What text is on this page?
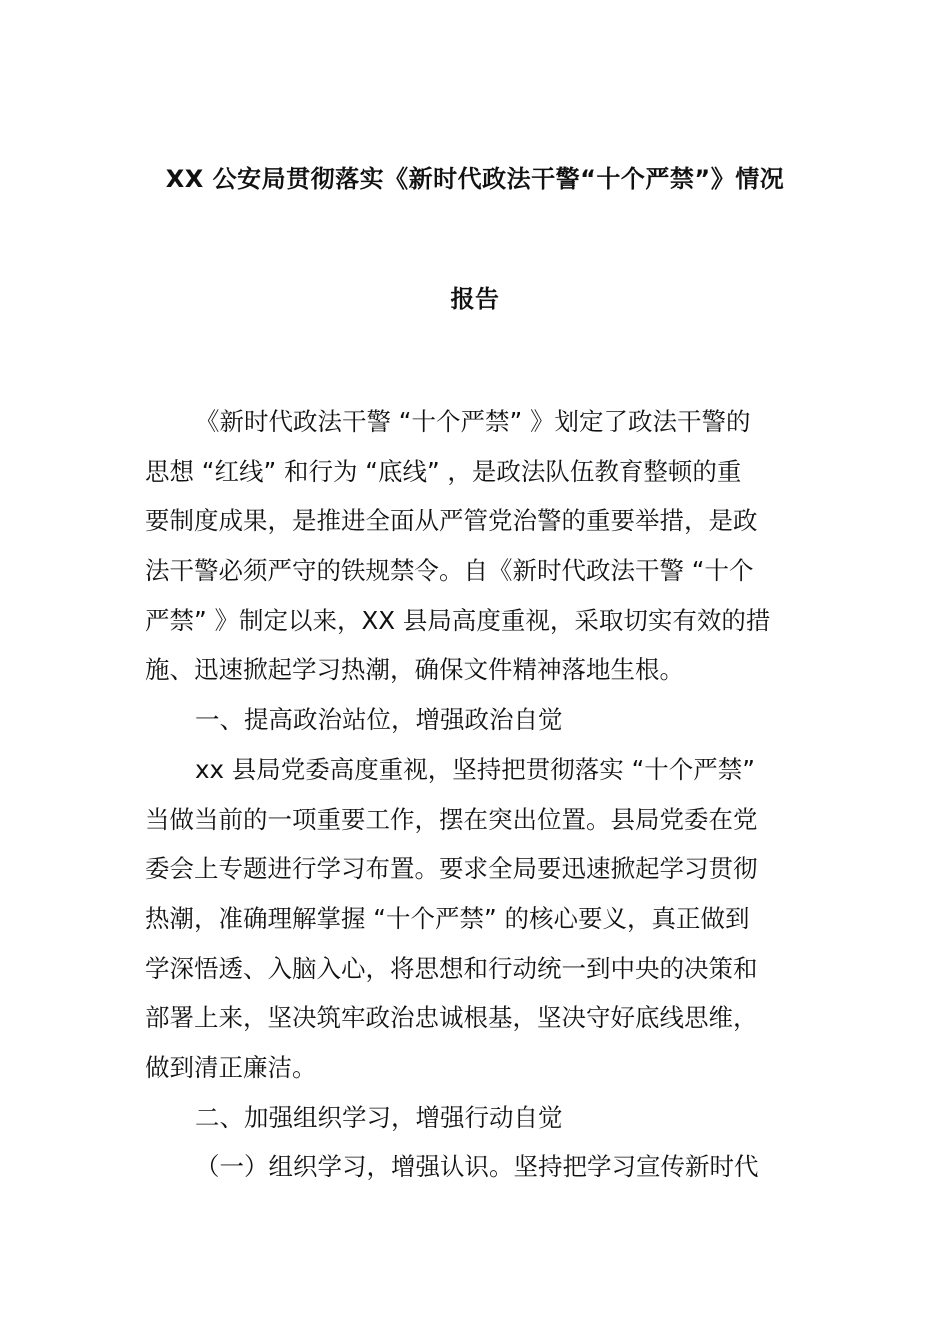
XX 公安局贯彻落实《新时代政法干警“十个严禁”》情况
报告
《新时代政法干警 “十个严禁” 》划定了政法干警的
思想 “红线” 和行为 “底线” ，是政法队伍教育整顿的重
要制度成果，是推进全面从严管党治警的重要举措，是政
法干警必须严守的铁规禁令。自《新时代政法干警 “十个
严禁” 》制定以来，XX 县局高度重视，采取切实有效的措
施、迅速掀起学习热潮，确保文件精神落地生根。
一、提高政治站位，增强政治自觉
xx 县局党委高度重视，坚持把贯彻落实 “十个严禁”
当做当前的一项重要工作，摆在突出位置。县局党委在党
委会上专题进行学习布置。要求全局要迅速掀起学习贯彻
热潮，准确理解掌握 “十个严禁” 的核心要义，真正做到
学深悟透、入脑入心，将思想和行动统一到中央的决策和
部署上来，坚决筑牢政治忠诚根基，坚决守好底线思维，
做到清正廉洁。
二、加强组织学习，增强行动自觉
（一）组织学习，增强认识。坚持把学习宣传新时代
